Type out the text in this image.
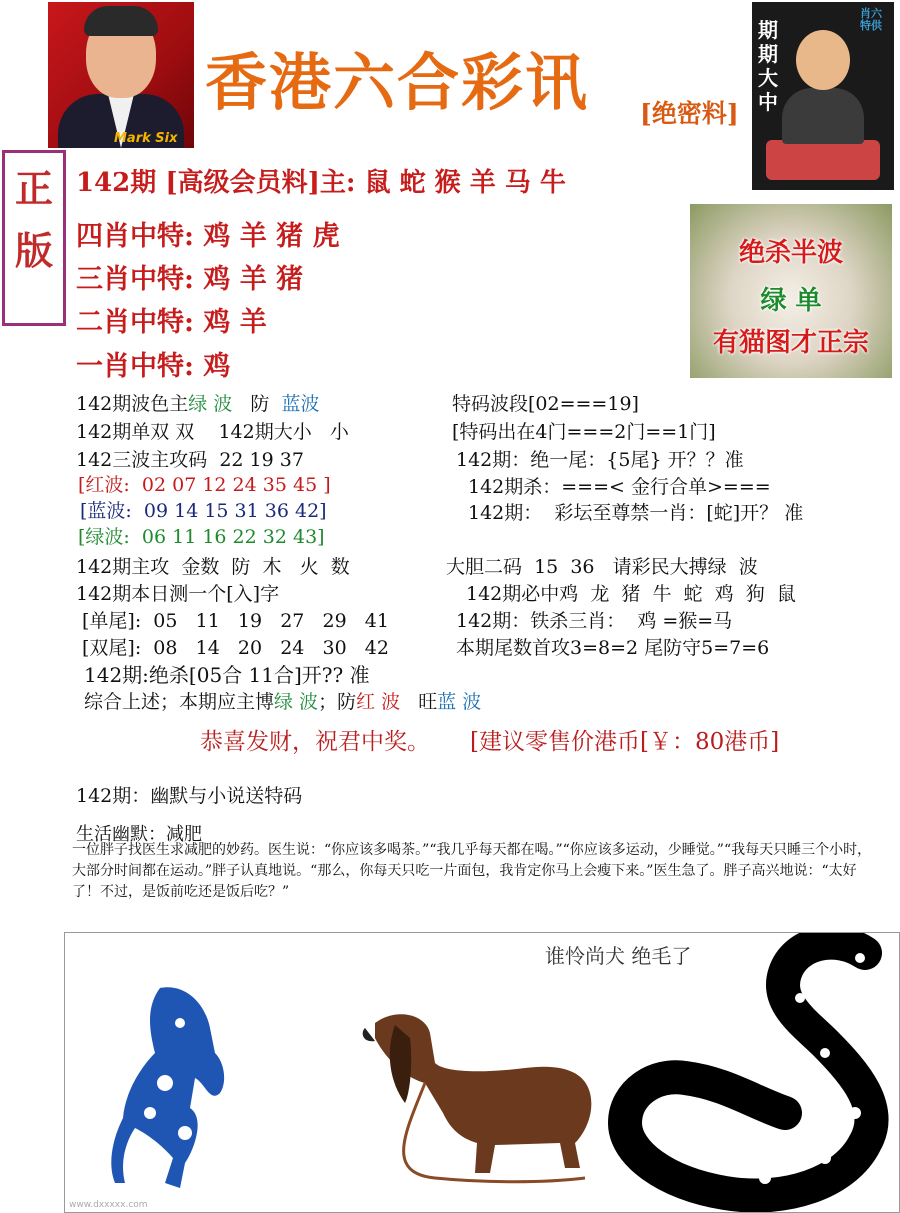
Mark Six
香港六合彩讯 [绝密料]
期期大中
肖六特供
正
版
142期 [高级会员料]主: 鼠 蛇 猴 羊 马 牛
四肖中特: 鸡 羊 猪 虎
三肖中特: 鸡 羊 猪
二肖中特: 鸡 羊
一肖中特: 鸡
绝杀半波
绿 单
有猫图才正宗
142期波色主绿 波   防  蓝波
142期单双 双    142期大小   小
142三波主攻码  22 19 37
[红波:  02 07 12 24 35 45 ]
[蓝波:  09 14 15 31 36 42]
[绿波:  06 11 16 22 32 43]
142期主攻  金数  防  木   火  数
142期本日测一个[入]字
[单尾]:  05   11   19   27   29   41
[双尾]:  08   14   20   24   30   42
142期:绝杀[05合 11合]开?? 准
综合上述；本期应主博绿 波；防红 波   旺蓝 波
特码波段[02===19]
[特码出在4门===2门==1门]
142期：绝一尾：{5尾} 开？？准
142期杀：===< 金行合单>===
142期：  彩坛至尊禁一肖：[蛇]开？ 准
大胆二码  15  36   请彩民大搏绿  波
142期必中鸡  龙  猪  牛  蛇  鸡  狗  鼠
142期：铁杀三肖：  鸡 =猴=马
本期尾数首攻3=8=2 尾防守5=7=6
恭喜发财，祝君中奖。 [建议零售价港币[￥：80港币]
142期：幽默与小说送特码
生活幽默：减肥
一位胖子找医生求减肥的妙药。医生说：“你应该多喝茶。”“我几乎每天都在喝。”“你应该多运动，少睡觉。”“我每天只睡三个小时，大部分时间都在运动。”胖子认真地说。“那么，你每天只吃一片面包，我肯定你马上会瘦下来。”医生急了。胖子高兴地说：“太好了！不过，是饭前吃还是饭后吃？”
谁怜尚犬 绝毛了
www.dxxxxx.com
